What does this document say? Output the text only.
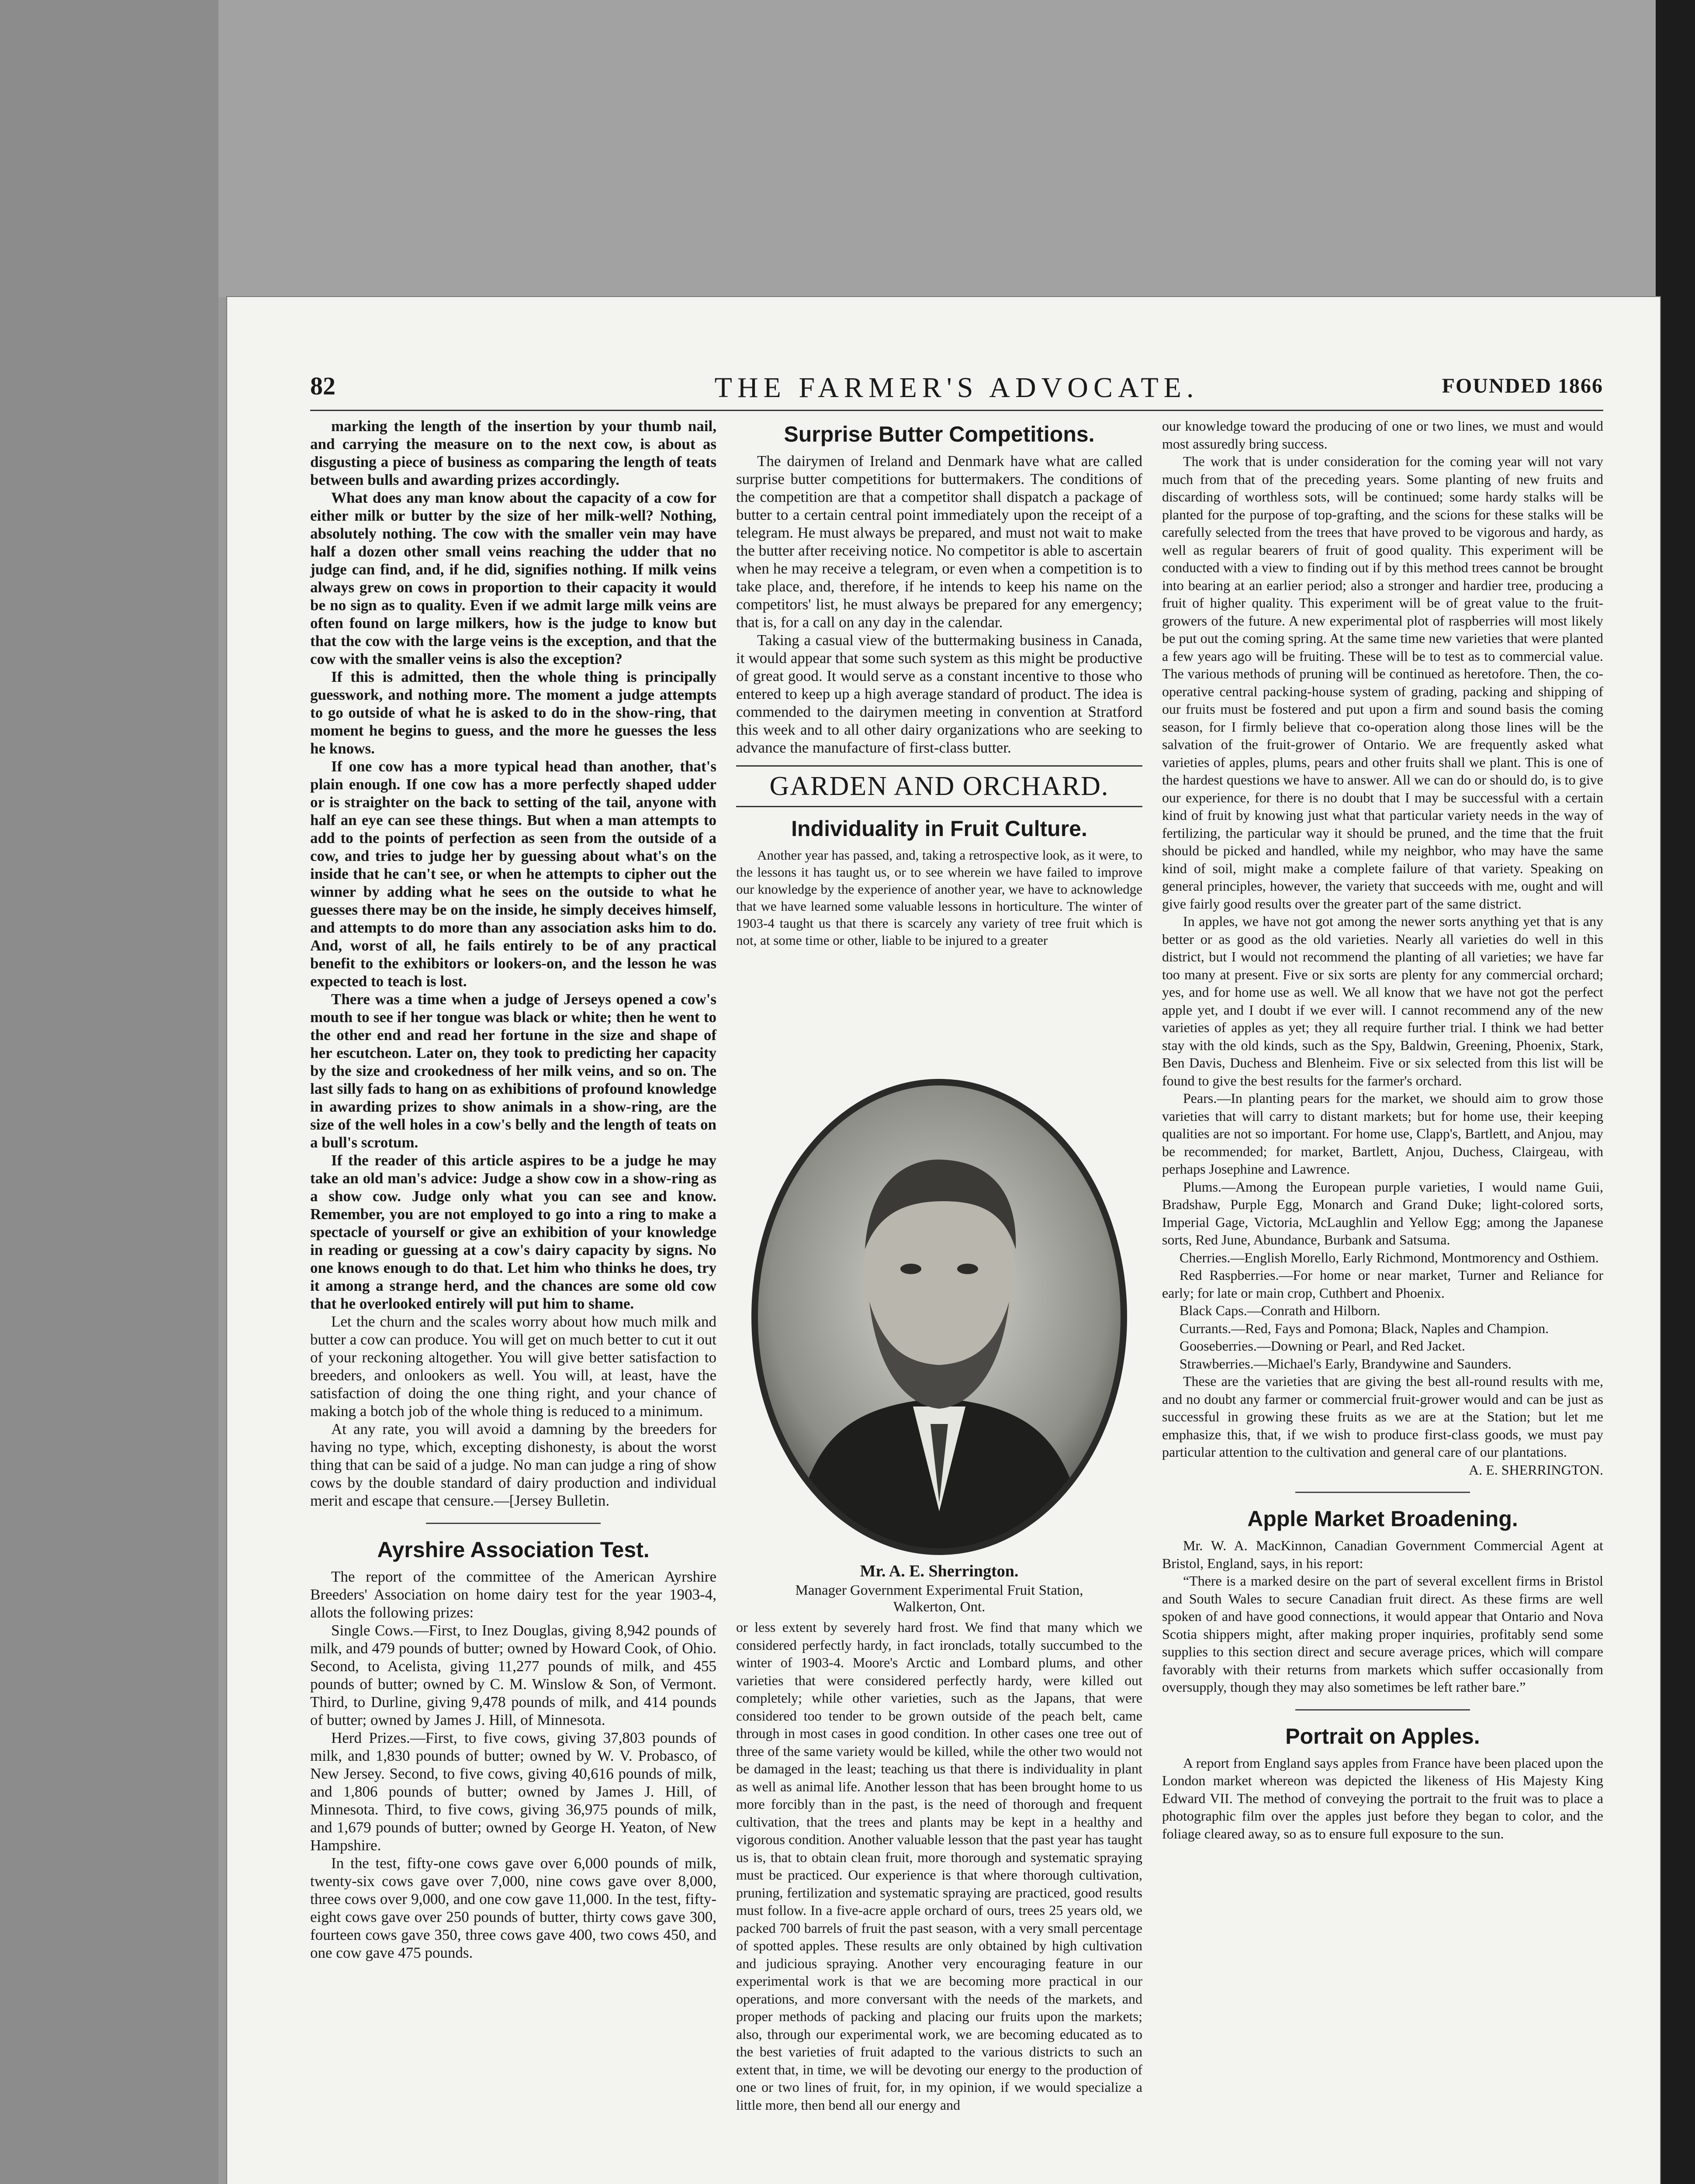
THE FARMER'S ADVOCATE.
82	FOUNDED 1866

marking the length of the insertion by your thumb nail, and carrying the measure on to the next cow, is about as disgusting a piece of business as comparing the length of teats between bulls and awarding prizes accordingly.

What does any man know about the capacity of a cow for either milk or butter by the size of her milk-well? Nothing, absolutely nothing. The cow with the smaller vein may have half a dozen other small veins reaching the udder that no judge can find, and, if he did, signifies nothing. If milk veins always grew on cows in proportion to their capacity it would be no sign as to quality. Even if we admit large milk veins are often found on large milkers, how is the judge to know but that the cow with the large veins is the exception, and that the cow with the smaller veins is also the exception?

If this is admitted, then the whole thing is principally guesswork, and nothing more. The moment a judge attempts to go outside of what he is asked to do in the show-ring, that moment he begins to guess, and the more he guesses the less he knows.

If one cow has a more typical head than another, that's plain enough. If one cow has a more perfectly shaped udder or is straighter on the back to setting of the tail, anyone with half an eye can see these things. But when a man attempts to add to the points of perfection as seen from the outside of a cow, and tries to judge her by guessing about what's on the inside that he can't see, or when he attempts to cipher out the winner by adding what he sees on the outside to what he guesses there may be on the inside, he simply deceives himself, and attempts to do more than any association asks him to do. And, worst of all, he fails entirely to be of any practical benefit to the exhibitors or lookers-on, and the lesson he was expected to teach is lost.

There was a time when a judge of Jerseys opened a cow's mouth to see if her tongue was black or white; then he went to the other end and read her fortune in the size and shape of her escutcheon. Later on, they took to predicting her capacity by the size and crookedness of her milk veins, and so on. The last silly fads to hang on as exhibitions of profound knowledge in awarding prizes to show animals in a show-ring, are the size of the well holes in a cow's belly and the length of teats on a bull's scrotum.

If the reader of this article aspires to be a judge he may take an old man's advice: Judge a show cow in a show-ring as a show cow. Judge only what you can see and know. Remember, you are not employed to go into a ring to make a spectacle of yourself or give an exhibition of your knowledge in reading or guessing at a cow's dairy capacity by signs. No one knows enough to do that. Let him who thinks he does, try it among a strange herd, and the chances are some old cow that he overlooked entirely will put him to shame.

Let the churn and the scales worry about how much milk and butter a cow can produce. You will get on much better to cut it out of your reckoning altogether. You will give better satisfaction to breeders, and onlookers as well. You will, at least, have the satisfaction of doing the one thing right, and your chance of making a botch job of the whole thing is reduced to a minimum.

At any rate, you will avoid a damning by the breeders for having no type, which, excepting dishonesty, is about the worst thing that can be said of a judge. No man can judge a ring of show cows by the double standard of dairy production and individual merit and escape that censure.—[Jersey Bulletin.

Ayrshire Association Test.

The report of the committee of the American Ayrshire Breeders' Association on home dairy test for the year 1903-4, allots the following prizes:

Single Cows.—First, to Inez Douglas, giving 8,942 pounds of milk, and 479 pounds of butter; owned by Howard Cook, of Ohio. Second, to Acelista, giving 11,277 pounds of milk, and 455 pounds of butter; owned by C. M. Winslow & Son, of Vermont. Third, to Durline, giving 9,478 pounds of milk, and 414 pounds of butter; owned by James J. Hill, of Minnesota.

Herd Prizes.—First, to five cows, giving 37,803 pounds of milk, and 1,830 pounds of butter; owned by W. V. Probasco, of New Jersey. Second, to five cows, giving 40,616 pounds of milk, and 1,806 pounds of butter; owned by James J. Hill, of Minnesota. Third, to five cows, giving 36,975 pounds of milk, and 1,679 pounds of butter; owned by George H. Yeaton, of New Hampshire.

In the test, fifty-one cows gave over 6,000 pounds of milk, twenty-six cows gave over 7,000, nine cows gave over 8,000, three cows over 9,000, and one cow gave 11,000. In the test, fifty-eight cows gave over 250 pounds of butter, thirty cows gave 300, fourteen cows gave 350, three cows gave 400, two cows 450, and one cow gave 475 pounds.

Surprise Butter Competitions.

The dairymen of Ireland and Denmark have what are called surprise butter competitions for buttermakers. The conditions of the competition are that a competitor shall dispatch a package of butter to a certain central point immediately upon the receipt of a telegram. He must always be prepared, and must not wait to make the butter after receiving notice. No competitor is able to ascertain when he may receive a telegram, or even when a competition is to take place, and, therefore, if he intends to keep his name on the competitors' list, he must always be prepared for any emergency; that is, for a call on any day in the calendar.

Taking a casual view of the buttermaking business in Canada, it would appear that some such system as this might be productive of great good. It would serve as a constant incentive to those who entered to keep up a high average standard of product. The idea is commended to the dairymen meeting in convention at Stratford this week and to all other dairy organizations who are seeking to advance the manufacture of first-class butter.

GARDEN AND ORCHARD.
Individuality in Fruit Culture.

Another year has passed, and, taking a retrospective look, as it were, to the lessons it has taught us, or to see wherein we have failed to improve our knowledge by the experience of another year, we have to acknowledge that we have learned some valuable lessons in horticulture. The winter of 1903-4 taught us that there is scarcely any variety of tree fruit which is not, at some time or other, liable to be injured to a greater

Mr. A. E. Sherrington.
Manager Government Experimental Fruit Station,
Walkerton, Ont.

or less extent by severely hard frost. We find that many which we considered perfectly hardy, in fact ironclads, totally succumbed to the winter of 1903-4. Moore's Arctic and Lombard plums, and other varieties that were considered perfectly hardy, were killed out completely; while other varieties, such as the Japans, that were considered too tender to be grown outside of the peach belt, came through in most cases in good condition. In other cases one tree out of three of the same variety would be killed, while the other two would not be damaged in the least; teaching us that there is individuality in plant as well as animal life. Another lesson that has been brought home to us more forcibly than in the past, is the need of thorough and frequent cultivation, that the trees and plants may be kept in a healthy and vigorous condition. Another valuable lesson that the past year has taught us is, that to obtain clean fruit, more thorough and systematic spraying must be practiced. Our experience is that where thorough cultivation, pruning, fertilization and systematic spraying are practiced, good results must follow. In a five-acre apple orchard of ours, trees 25 years old, we packed 700 barrels of fruit the past season, with a very small percentage of spotted apples. These results are only obtained by high cultivation and judicious spraying. Another very encouraging feature in our experimental work is that we are becoming more practical in our operations, and more conversant with the needs of the markets, and proper methods of packing and placing our fruits upon the markets; also, through our experimental work, we are becoming educated as to the best varieties of fruit adapted to the various districts to such an extent that, in time, we will be devoting our energy to the production of one or two lines of fruit, for, in my opinion, if we would specialize a little more, then bend all our energy and

our knowledge toward the producing of one or two lines, we must and would most assuredly bring success.

The work that is under consideration for the coming year will not vary much from that of the preceding years. Some planting of new fruits and discarding of worthless sots, will be continued; some hardy stalks will be planted for the purpose of top-grafting, and the scions for these stalks will be carefully selected from the trees that have proved to be vigorous and hardy, as well as regular bearers of fruit of good quality. This experiment will be conducted with a view to finding out if by this method trees cannot be brought into bearing at an earlier period; also a stronger and hardier tree, producing a fruit of higher quality. This experiment will be of great value to the fruit-growers of the future. A new experimental plot of raspberries will most likely be put out the coming spring. At the same time new varieties that were planted a few years ago will be fruiting. These will be to test as to commercial value. The various methods of pruning will be continued as heretofore. Then, the co-operative central packing-house system of grading, packing and shipping of our fruits must be fostered and put upon a firm and sound basis the coming season, for I firmly believe that co-operation along those lines will be the salvation of the fruit-grower of Ontario. We are frequently asked what varieties of apples, plums, pears and other fruits shall we plant. This is one of the hardest questions we have to answer. All we can do or should do, is to give our experience, for there is no doubt that I may be successful with a certain kind of fruit by knowing just what that particular variety needs in the way of fertilizing, the particular way it should be pruned, and the time that the fruit should be picked and handled, while my neighbor, who may have the same kind of soil, might make a complete failure of that variety. Speaking on general principles, however, the variety that succeeds with me, ought and will give fairly good results over the greater part of the same district.

In apples, we have not got among the newer sorts anything yet that is any better or as good as the old varieties. Nearly all varieties do well in this district, but I would not recommend the planting of all varieties; we have far too many at present. Five or six sorts are plenty for any commercial orchard; yes, and for home use as well. We all know that we have not got the perfect apple yet, and I doubt if we ever will. I cannot recommend any of the new varieties of apples as yet; they all require further trial. I think we had better stay with the old kinds, such as the Spy, Baldwin, Greening, Phoenix, Stark, Ben Davis, Duchess and Blenheim. Five or six selected from this list will be found to give the best results for the farmer's orchard.

Pears.—In planting pears for the market, we should aim to grow those varieties that will carry to distant markets; but for home use, their keeping qualities are not so important. For home use, Clapp's, Bartlett, and Anjou, may be recommended; for market, Bartlett, Anjou, Duchess, Clairgeau, with perhaps Josephine and Lawrence.

Plums.—Among the European purple varieties, I would name Guii, Bradshaw, Purple Egg, Monarch and Grand Duke; light-colored sorts, Imperial Gage, Victoria, McLaughlin and Yellow Egg; among the Japanese sorts, Red June, Abundance, Burbank and Satsuma.

Cherries.—English Morello, Early Richmond, Montmorency and Osthiem.

Red Raspberries.—For home or near market, Turner and Reliance for early; for late or main crop, Cuthbert and Phoenix.

Black Caps.—Conrath and Hilborn.

Currants.—Red, Fays and Pomona; Black, Naples and Champion.

Gooseberries.—Downing or Pearl, and Red Jacket.

Strawberries.—Michael's Early, Brandywine and Saunders.

These are the varieties that are giving the best all-round results with me, and no doubt any farmer or commercial fruit-grower would and can be just as successful in growing these fruits as we are at the Station; but let me emphasize this, that, if we wish to produce first-class goods, we must pay particular attention to the cultivation and general care of our plantations.

A. E. SHERRINGTON.

Apple Market Broadening.

Mr. W. A. MacKinnon, Canadian Government Commercial Agent at Bristol, England, says, in his report:

“There is a marked desire on the part of several excellent firms in Bristol and South Wales to secure Canadian fruit direct. As these firms are well spoken of and have good connections, it would appear that Ontario and Nova Scotia shippers might, after making proper inquiries, profitably send some supplies to this section direct and secure average prices, which will compare favorably with their returns from markets which suffer occasionally from oversupply, though they may also sometimes be left rather bare.”

Portrait on Apples.

A report from England says apples from France have been placed upon the London market whereon was depicted the likeness of His Majesty King Edward VII. The method of conveying the portrait to the fruit was to place a photographic film over the apples just before they began to color, and the foliage cleared away, so as to ensure full exposure to the sun.
